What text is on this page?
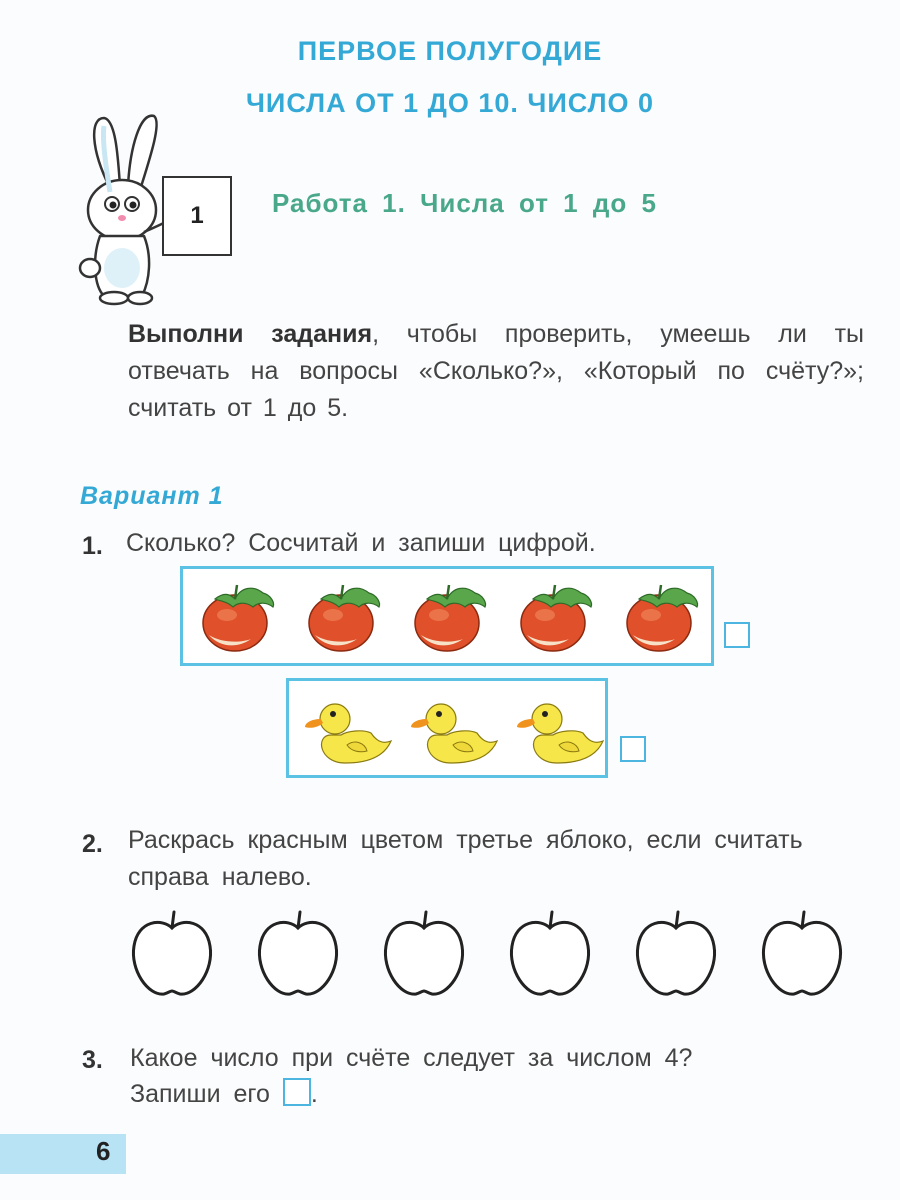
ПЕРВОЕ ПОЛУГОДИЕ
ЧИСЛА ОТ 1 ДО 10. ЧИСЛО 0
1	Работа 1. Числа от 1 до 5
Выполни задания, чтобы проверить, умеешь ли ты отвечать на вопросы «Сколько?», «Который по счёту?»; считать от 1 до 5.
Вариант 1
1. Сколько? Сосчитай и запиши цифрой.
2. Раскрась красным цветом третье яблоко, если считать справа налево.
3. Какое число при счёте следует за числом 4?
Запиши его .
6
